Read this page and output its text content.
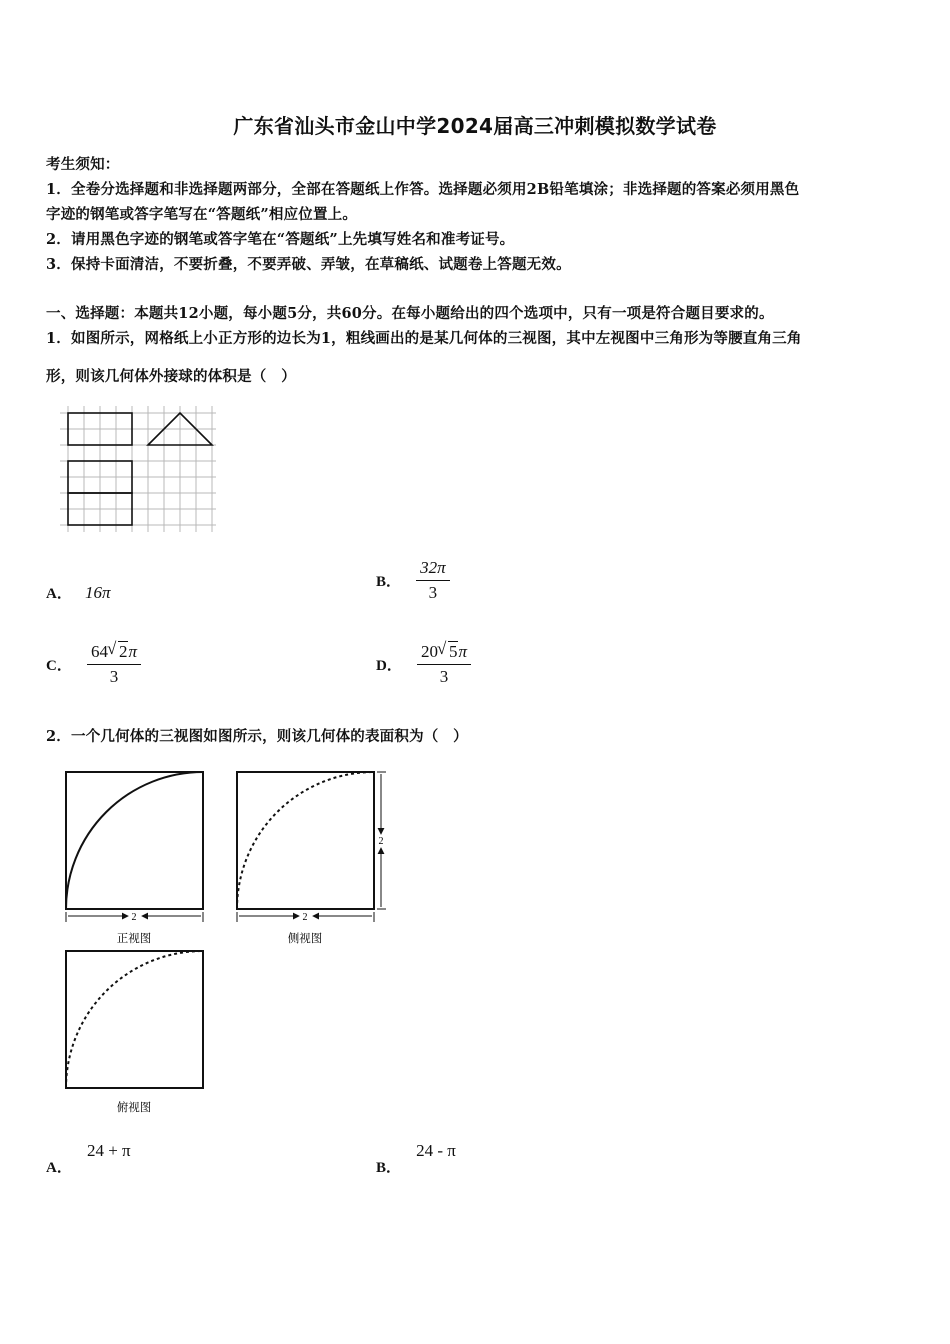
广东省汕头市金山中学2024届高三冲刺模拟数学试卷
考生须知：
1．全卷分选择题和非选择题两部分，全部在答题纸上作答。选择题必须用2B铅笔填涂；非选择题的答案必须用黑色
字迹的钢笔或答字笔写在“答题纸”相应位置上。
2．请用黑色字迹的钢笔或答字笔在“答题纸”上先填写姓名和准考证号。
3．保持卡面清洁，不要折叠，不要弄破、弄皱，在草稿纸、试题卷上答题无效。
一、选择题：本题共12小题，每小题5分，共60分。在每小题给出的四个选项中，只有一项是符合题目要求的。
1．如图所示，网格纸上小正方形的边长为1，粗线画出的是某几何体的三视图，其中左视图中三角形为等腰直角三角
形，则该几何体外接球的体积是（　）
A． 16π
B． $\frac{32\pi}{3}$
C． $\frac{64 √ 2\pi}{3}$	D． $\frac{20 √ 5\pi}{3}$
2．一个几何体的三视图如图所示，则该几何体的表面积为（　）
2
正视图
2
2
侧视图
俯视图
A． 24 + π
B． 24 - π
